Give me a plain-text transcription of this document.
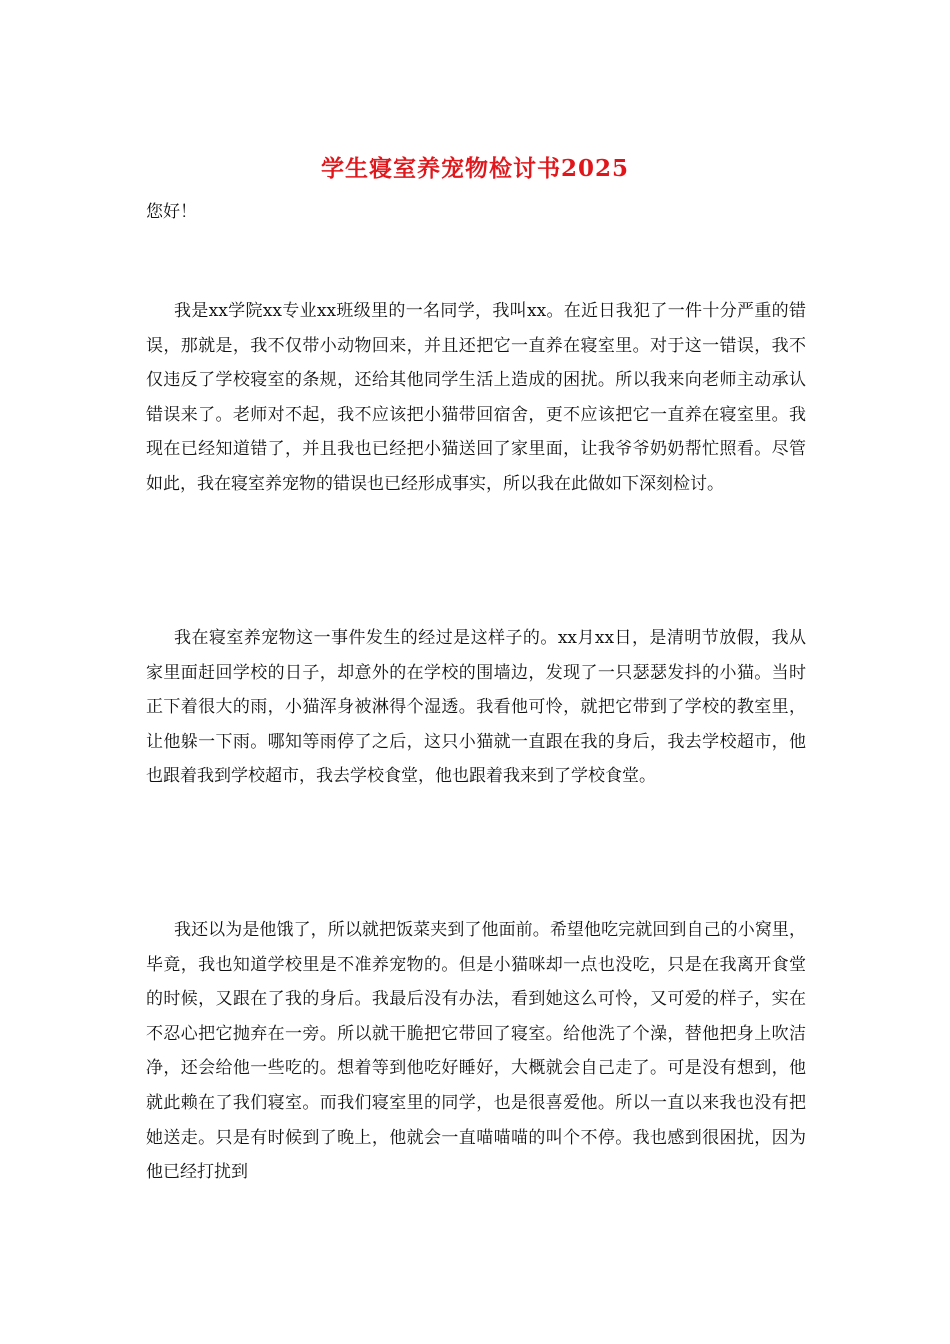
学生寝室养宠物检讨书2025
您好！

我是xx学院xx专业xx班级里的一名同学，我叫xx。在近日我犯了一件十分严重的错误，那就是，我不仅带小动物回来，并且还把它一直养在寝室里。对于这一错误，我不仅违反了学校寝室的条规，还给其他同学生活上造成的困扰。所以我来向老师主动承认错误来了。老师对不起，我不应该把小猫带回宿舍，更不应该把它一直养在寝室里。我现在已经知道错了，并且我也已经把小猫送回了家里面，让我爷爷奶奶帮忙照看。尽管如此，我在寝室养宠物的错误也已经形成事实，所以我在此做如下深刻检讨。

我在寝室养宠物这一事件发生的经过是这样子的。xx月xx日，是清明节放假，我从家里面赶回学校的日子，却意外的在学校的围墙边，发现了一只瑟瑟发抖的小猫。当时正下着很大的雨，小猫浑身被淋得个湿透。我看他可怜，就把它带到了学校的教室里，让他躲一下雨。哪知等雨停了之后，这只小猫就一直跟在我的身后，我去学校超市，他也跟着我到学校超市，我去学校食堂，他也跟着我来到了学校食堂。

我还以为是他饿了，所以就把饭菜夹到了他面前。希望他吃完就回到自己的小窝里，毕竟，我也知道学校里是不准养宠物的。但是小猫咪却一点也没吃，只是在我离开食堂的时候，又跟在了我的身后。我最后没有办法，看到她这么可怜，又可爱的样子，实在不忍心把它抛弃在一旁。所以就干脆把它带回了寝室。给他洗了个澡，替他把身上吹洁净，还会给他一些吃的。想着等到他吃好睡好，大概就会自己走了。可是没有想到，他就此赖在了我们寝室。而我们寝室里的同学，也是很喜爱他。所以一直以来我也没有把她送走。只是有时候到了晚上，他就会一直喵喵喵的叫个不停。我也感到很困扰，因为他已经打扰到
